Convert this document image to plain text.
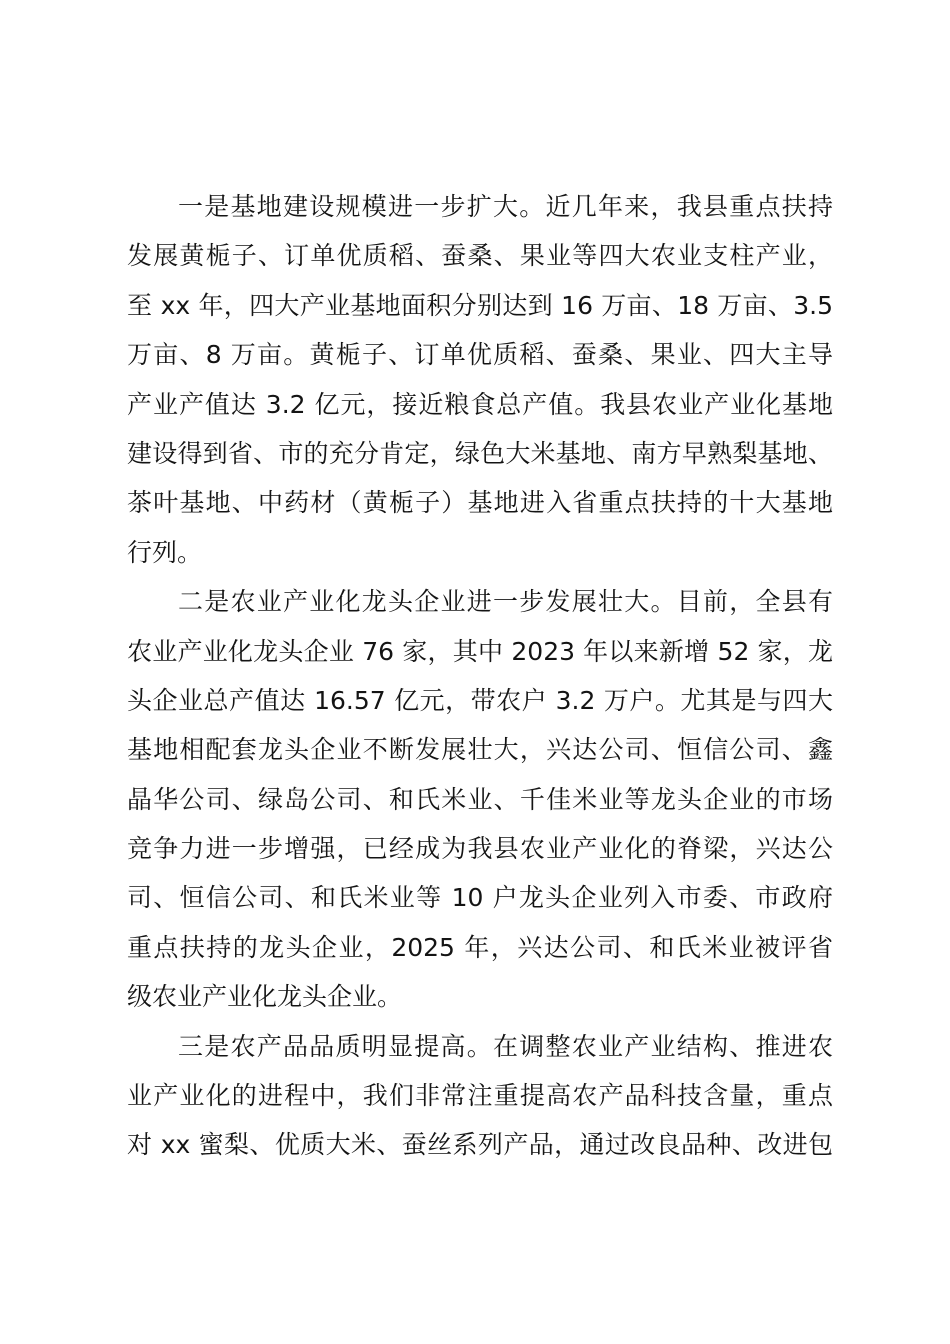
一是基地建设规模进一步扩大。近几年来，我县重点扶持
发展黄栀子、订单优质稻、蚕桑、果业等四大农业支柱产业，
至 xx 年，四大产业基地面积分别达到 16 万亩、18 万亩、3.5
万亩、8 万亩。黄栀子、订单优质稻、蚕桑、果业、四大主导
产业产值达 3.2 亿元，接近粮食总产值。我县农业产业化基地
建设得到省、市的充分肯定，绿色大米基地、南方早熟梨基地、
茶叶基地、中药材（黄栀子）基地进入省重点扶持的十大基地
行列。
二是农业产业化龙头企业进一步发展壮大。目前，全县有
农业产业化龙头企业 76 家，其中 2023 年以来新增 52 家，龙
头企业总产值达 16.57 亿元，带农户 3.2 万户。尤其是与四大
基地相配套龙头企业不断发展壮大，兴达公司、恒信公司、鑫
晶华公司、绿岛公司、和氏米业、千佳米业等龙头企业的市场
竞争力进一步增强，已经成为我县农业产业化的脊梁，兴达公
司、恒信公司、和氏米业等 10 户龙头企业列入市委、市政府
重点扶持的龙头企业，2025 年，兴达公司、和氏米业被评省
级农业产业化龙头企业。
三是农产品品质明显提高。在调整农业产业结构、推进农
业产业化的进程中，我们非常注重提高农产品科技含量，重点
对 xx 蜜梨、优质大米、蚕丝系列产品，通过改良品种、改进包
